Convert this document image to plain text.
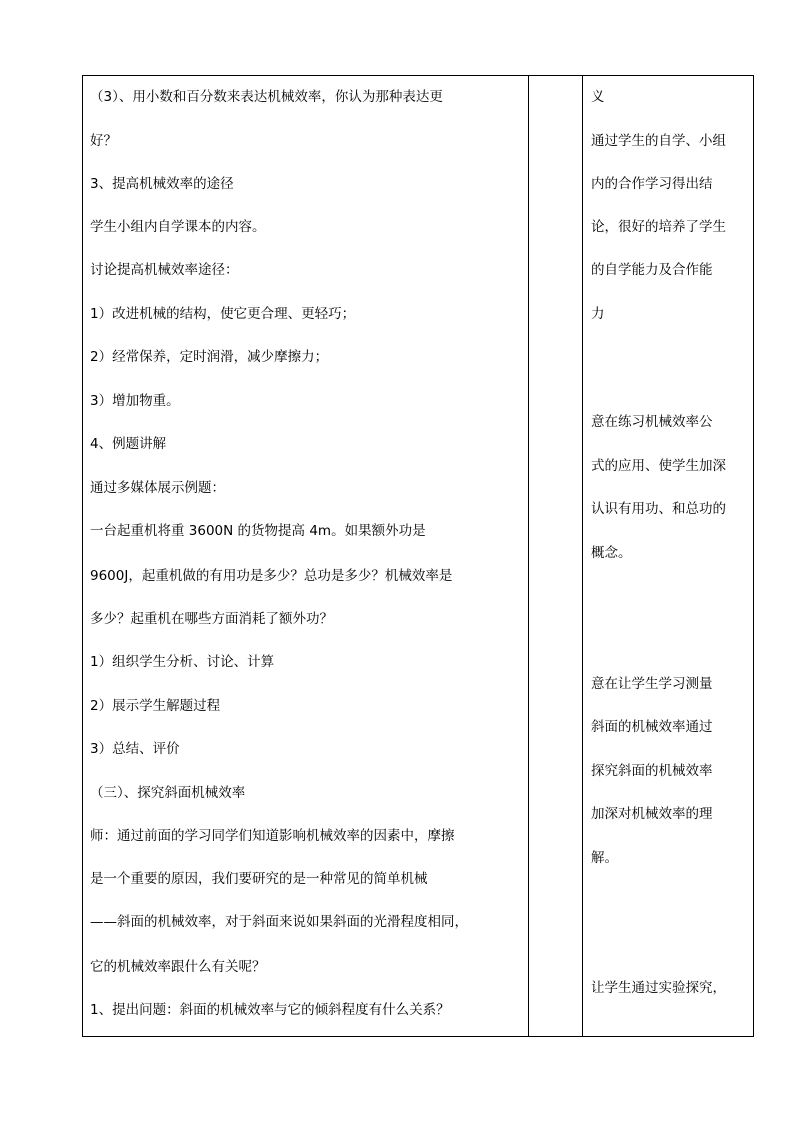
（3）、用小数和百分数来表达机械效率，你认为那种表达更

好？

3、提高机械效率的途径

学生小组内自学课本的内容。

讨论提高机械效率途径：

1）改进机械的结构，使它更合理、更轻巧；

2）经常保养，定时润滑，减少摩擦力；

3）增加物重。

4、例题讲解

通过多媒体展示例题：

一台起重机将重 3600N 的货物提高 4m。如果额外功是

9600J，起重机做的有用功是多少？总功是多少？机械效率是

多少？起重机在哪些方面消耗了额外功？

1）组织学生分析、讨论、计算

2）展示学生解题过程

3）总结、评价

（三）、探究斜面机械效率

师：通过前面的学习同学们知道影响机械效率的因素中，摩擦

是一个重要的原因，我们要研究的是一种常见的简单机械

——斜面的机械效率，对于斜面来说如果斜面的光滑程度相同，

它的机械效率跟什么有关呢？

1、提出问题：斜面的机械效率与它的倾斜程度有什么关系？

义

通过学生的自学、小组

内的合作学习得出结

论，很好的培养了学生

的自学能力及合作能

力

意在练习机械效率公

式的应用、使学生加深

认识有用功、和总功的

概念。

意在让学生学习测量

斜面的机械效率通过

探究斜面的机械效率

加深对机械效率的理

解。

让学生通过实验探究，
